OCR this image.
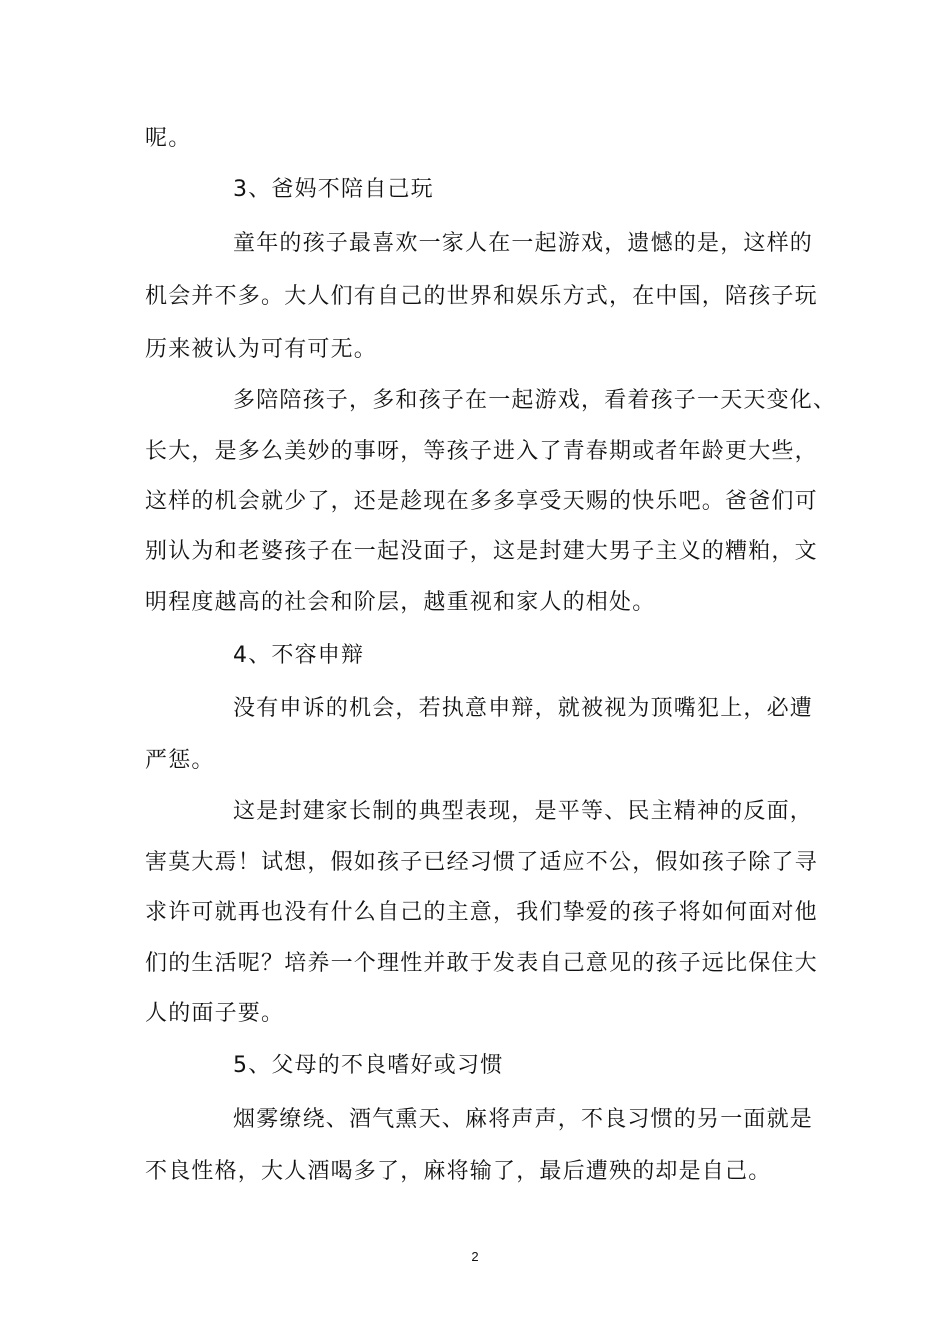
呢。
3、爸妈不陪自己玩
童年的孩子最喜欢一家人在一起游戏，遗憾的是，这样的
机会并不多。大人们有自己的世界和娱乐方式，在中国，陪孩子玩
历来被认为可有可无。
多陪陪孩子，多和孩子在一起游戏，看着孩子一天天变化、
长大，是多么美妙的事呀，等孩子进入了青春期或者年龄更大些，
这样的机会就少了，还是趁现在多多享受天赐的快乐吧。爸爸们可
别认为和老婆孩子在一起没面子，这是封建大男子主义的糟粕，文
明程度越高的社会和阶层，越重视和家人的相处。
4、不容申辩
没有申诉的机会，若执意申辩，就被视为顶嘴犯上，必遭
严惩。
这是封建家长制的典型表现，是平等、民主精神的反面，
害莫大焉！试想，假如孩子已经习惯了适应不公，假如孩子除了寻
求许可就再也没有什么自己的主意，我们挚爱的孩子将如何面对他
们的生活呢？培养一个理性并敢于发表自己意见的孩子远比保住大
人的面子要。
5、父母的不良嗜好或习惯
烟雾缭绕、酒气熏天、麻将声声，不良习惯的另一面就是
不良性格，大人酒喝多了，麻将输了，最后遭殃的却是自己。
2
